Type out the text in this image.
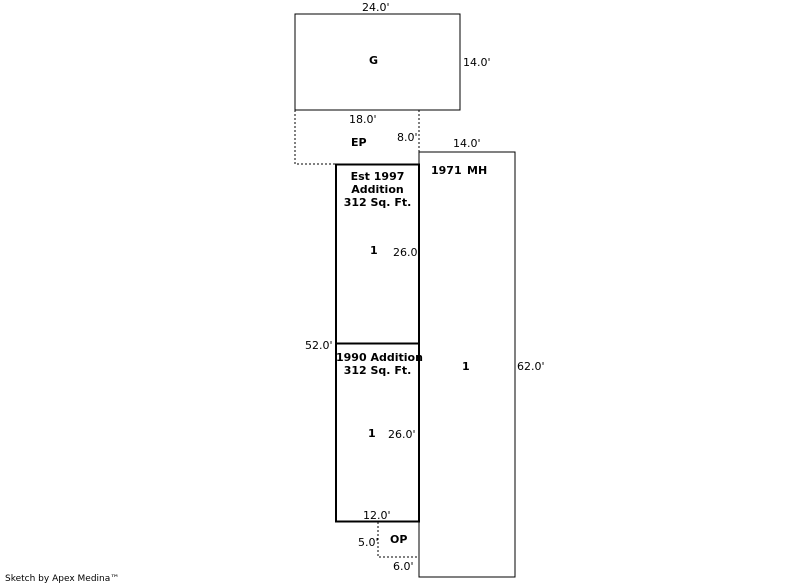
24.0'
G	14.0'
18.0'
EP	8.0'	14.0'
1971 MH
1	62.0'
Est 1997
Addition
312 Sq. Ft.
1 26.0'
52.0'
1990 Addition
312 Sq. Ft.
1 26.0'
12.0'
5.0' OP
6.0'
Sketch by Apex Medina™
